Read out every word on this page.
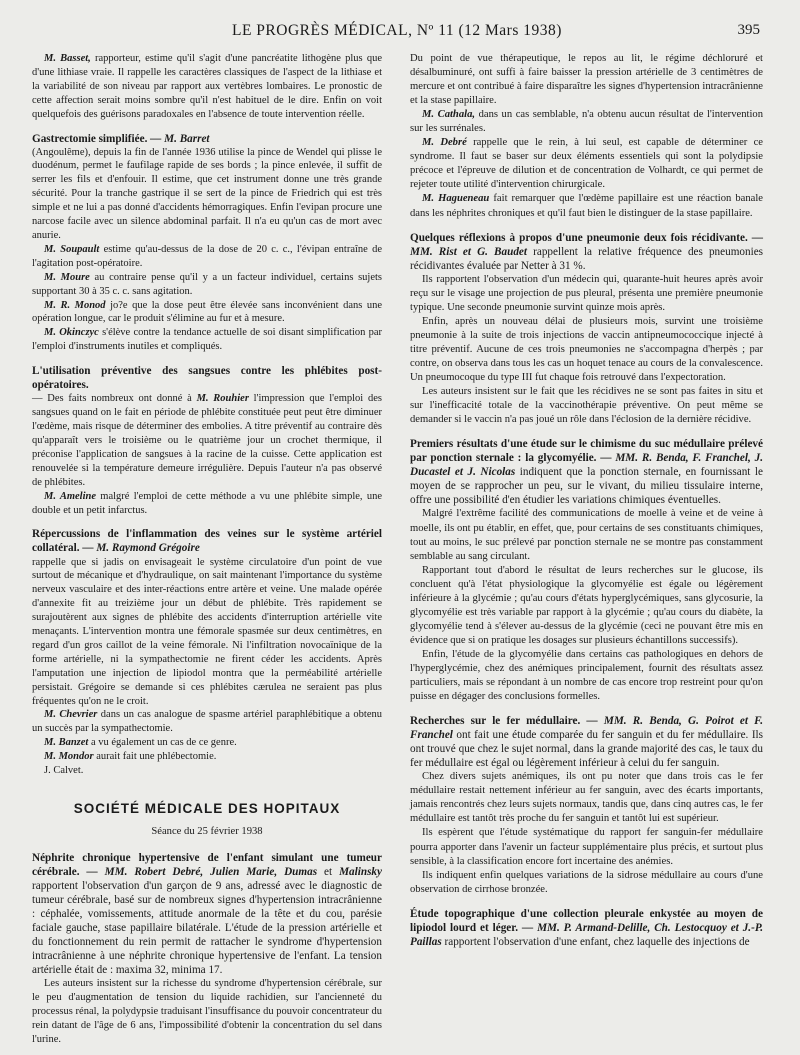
LE PROGRÈS MÉDICAL, Nº 11 (12 Mars 1938)	395

M. Basset, rapporteur, estime qu'il s'agit d'une pancréatite lithogène plus que d'une lithiase vraie. Il rappelle les caractères classiques de l'aspect de la lithiase et la variabilité de son niveau par rapport aux vertèbres lombaires. Le pronostic de cette affection serait moins sombre qu'il n'est habituel de le dire. Enfin on voit quelquefois des guérisons paradoxales en l'absence de toute intervention réelle.

Gastrectomie simplifiée. — M. Barret

(Angoulême), depuis la fin de l'année 1936 utilise la pince de Wendel qui plisse le duodénum, permet le faufilage rapide de ses bords ; la pince enlevée, il suffit de serrer les fils et d'enfouir. Il estime, que cet instrument donne une très grande sécurité. Pour la tranche gastrique il se sert de la pince de Friedrich qui est très simple et ne lui a pas donné d'accidents hémorragiques. Enfin l'evipan procure une narcose facile avec un silence abdominal parfait. Il n'a eu qu'un cas de mort avec anurie.

M. Soupault estime qu'au-dessus de la dose de 20 c. c., l'évipan entraîne de l'agitation post-opératoire.

M. Moure au contraire pense qu'il y a un facteur individuel, certains sujets supportant 30 à 35 c. c. sans agitation.

M. R. Monod jo?e que la dose peut être élevée sans inconvénient dans une opération longue, car le produit s'élimine au fur et à mesure.

M. Okinczyc s'élève contre la tendance actuelle de soi disant simplification par l'emploi d'instruments inutiles et compliqués.

L'utilisation préventive des sangsues contre les phlébites post-opératoires.

— Des faits nombreux ont donné à M. Rouhier l'impression que l'emploi des sangsues quand on le fait en période de phlébite constituée peut peut être diminuer l'œdème, mais risque de déterminer des embolies. A titre préventif au contraire dès qu'apparaît vers le troisième ou le quatrième jour un crochet thermique, il préconise l'application de sangsues à la racine de la cuisse. Cette application est renouvelée si la température demeure irrégulière. Depuis l'auteur n'a pas observé de phlébites.

M. Ameline malgré l'emploi de cette méthode a vu une phlébite simple, une double et un petit infarctus.

Répercussions de l'inflammation des veines sur le système artériel collatéral. — M. Raymond Grégoire

rappelle que si jadis on envisageait le système circulatoire d'un point de vue surtout de mécanique et d'hydraulique, on sait maintenant l'importance du système nerveux vasculaire et des inter-réactions entre artère et veine. Une malade opérée d'annexite fit au treizième jour un début de phlébite. Très rapidement se surajoutèrent aux signes de phlébite des accidents d'interruption artérielle vite menaçants. L'intervention montra une fémorale spasmée sur deux centimètres, en regard d'un gros caillot de la veine fémorale. Ni l'infiltration novocaïnique de la forme artérielle, ni la sympathectomie ne firent céder les accidents. Après l'amputation une injection de lipiodol montra que la perméabilité artérielle persistait. Grégoire se demande si ces phlébites cærulea ne seraient pas plus fréquentes qu'on ne le croit.

M. Chevrier dans un cas analogue de spasme artériel paraphlébitique a obtenu un succès par la sympathectomie.

M. Banzet a vu également un cas de ce genre.

M. Mondor aurait fait une phlébectomie.

J. Calvet.

SOCIÉTÉ MÉDICALE DES HOPITAUX
Séance du 25 février 1938
Néphrite chronique hypertensive de l'enfant simulant une tumeur cérébrale. — MM. Robert Debré, Julien Marie, Dumas et Malinsky rapportent l'observation d'un garçon de 9 ans, adressé avec le diagnostic de tumeur cérébrale, basé sur de nombreux signes d'hypertension intracrânienne : céphalée, vomissements, attitude anormale de la tête et du cou, parésie faciale gauche, stase papillaire bilatérale. L'étude de la pression artérielle et du fonctionnement du rein permit de rattacher le syndrome d'hypertension intracrânienne à une néphrite chronique hypertensive de l'enfant. La tension artérielle était de : maxima 32, minima 17.

Les auteurs insistent sur la richesse du syndrome d'hypertension cérébrale, sur le peu d'augmentation de tension du liquide rachidien, sur l'ancienneté du processus rénal, la polydypsie traduisant l'insuffisance du pouvoir concentrateur du rein datant de l'âge de 6 ans, l'impossibilité d'obtenir la concentration du sel dans l'urine.

Du point de vue thérapeutique, le repos au lit, le régime déchloruré et désalbuminuré, ont suffi à faire baisser la pression artérielle de 3 centimètres de mercure et ont contribué à faire disparaître les signes d'hypertension intracrânienne et la stase papillaire.

M. Cathala, dans un cas semblable, n'a obtenu aucun résultat de l'intervention sur les surrénales.

M. Debré rappelle que le rein, à lui seul, est capable de déterminer ce syndrome. Il faut se baser sur deux éléments essentiels qui sont la polydipsie précoce et l'épreuve de dilution et de concentration de Volhardt, ce qui permet de rejeter toute utilité d'intervention chirurgicale.

M. Hagueneau fait remarquer que l'œdème papillaire est une réaction banale dans les néphrites chroniques et qu'il faut bien le distinguer de la stase papillaire.

Quelques réflexions à propos d'une pneumonie deux fois récidivante. — MM. Rist et G. Baudet rappellent la relative fréquence des pneumonies récidivantes évaluée par Netter à 31 %.

Ils rapportent l'observation d'un médecin qui, quarante-huit heures après avoir reçu sur le visage une projection de pus pleural, présenta une première pneumonie typique. Une seconde pneumonie survint quinze mois après.

Enfin, après un nouveau délai de plusieurs mois, survint une troisième pneumonie à la suite de trois injections de vaccin antipneumococcique injecté à titre préventif. Aucune de ces trois pneumonies ne s'accompagna d'herpès ; par contre, on observa dans tous les cas un hoquet tenace au cours de la convalescence. Un pneumocoque du type III fut chaque fois retrouvé dans l'expectoration.

Les auteurs insistent sur le fait que les récidives ne se sont pas faites in situ et sur l'inefficacité totale de la vaccinothérapie préventive. On peut même se demander si le vaccin n'a pas joué un rôle dans l'éclosion de la dernière récidive.

Premiers résultats d'une étude sur le chimisme du suc médullaire prélevé par ponction sternale : la glycomyélie. — MM. R. Benda, F. Franchel, J. Ducastel et J. Nicolas indiquent que la ponction sternale, en fournissant le moyen de se rapprocher un peu, sur le vivant, du milieu tissulaire interne, offre une possibilité d'en étudier les variations chimiques éventuelles.

Malgré l'extrême facilité des communications de moelle à veine et de veine à moelle, ils ont pu établir, en effet, que, pour certains de ses constituants chimiques, tout au moins, le suc prélevé par ponction sternale ne se montre pas constamment semblable au sang circulant.

Rapportant tout d'abord le résultat de leurs recherches sur le glucose, ils concluent qu'à l'état physiologique la glycomyélie est égale ou légèrement inférieure à la glycémie ; qu'au cours d'états hyperglycémiques, sans glycosurie, la glycomyélie est très variable par rapport à la glycémie ; qu'au cours du diabète, la glycomyélie tend à s'élever au-dessus de la glycémie (ceci ne pouvant être mis en évidence que si on pratique les dosages sur plusieurs échantillons successifs).

Enfin, l'étude de la glycomyélie dans certains cas pathologiques en dehors de l'hyperglycémie, chez des anémiques principalement, fournit des résultats assez particuliers, mais se répondant à un nombre de cas encore trop restreint pour qu'on puisse en dégager des conclusions formelles.

Recherches sur le fer médullaire. — MM. R. Benda, G. Poirot et F. Franchel ont fait une étude comparée du fer sanguin et du fer médullaire. Ils ont trouvé que chez le sujet normal, dans la grande majorité des cas, le taux du fer médullaire est égal ou légèrement inférieur à celui du fer sanguin.

Chez divers sujets anémiques, ils ont pu noter que dans trois cas le fer médullaire restait nettement inférieur au fer sanguin, avec des écarts importants, jamais rencontrés chez leurs sujets normaux, tandis que, dans cinq autres cas, le fer médullaire est tantôt très proche du fer sanguin et tantôt lui est supérieur.

Ils espèrent que l'étude systématique du rapport fer sanguin-fer médullaire pourra apporter dans l'avenir un facteur supplémentaire plus précis, et surtout plus sensible, à la classification encore fort incertaine des anémies.

Ils indiquent enfin quelques variations de la sidrose médullaire au cours d'une observation de cirrhose bronzée.

Étude topographique d'une collection pleurale enkystée au moyen de lipiodol lourd et léger. — MM. P. Armand-Delille, Ch. Lestocquoy et J.-P. Paillas rapportent l'observation d'une enfant, chez laquelle des injections de
